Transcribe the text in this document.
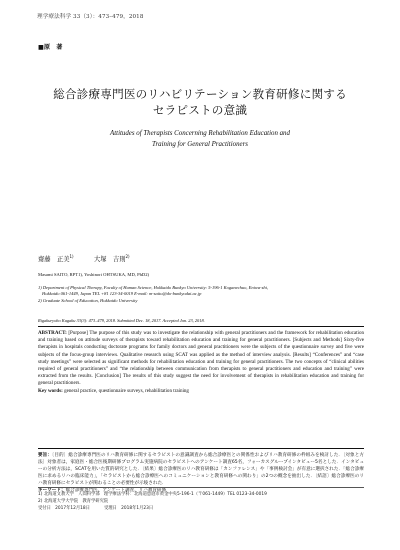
理学療法科学 33（3）：473–479，2018
■原　著
総合診療専門医のリハビリテーション教育研修に関する
セラピストの意識
Attitudes of Therapists Concerning Rehabilitation Education and
Training for General Practitioners
齋藤　正美$^{1)}$	大塚　吉則$^{2)}$
Masami SAITO, RPT1), Yoshinori OHTSUKA, MD, PhD2)
1) Department of Physical Therapy, Faculty of Human Science, Hokkaido Bunkyo University: 5-196-1 Koganechuo, Eniwa-shi,
Hokkaido 061-1449, Japan TEL +81 123-34-0019 E-mail: m-saito@do-bunkyodai.ac.jp
2) Graduate School of Education, Hokkaido University
Rigakuryoho Kagaku 33(3): 473–479, 2018. Submitted Dec. 18, 2017. Accepted Jan. 23, 2018.
ABSTRACT: [Purpose] The purpose of this study was to investigate the relationship with general practitioners and the framework for rehabilitation education and training based on attitude surveys of therapists toward rehabilitation education and training for general practitioners. [Subjects and Methods] Sixty-five therapists in hospitals conducting doctorate programs for family doctors and general practitioners were the subjects of the questionnaire survey and five were subjects of the focus-group interviews. Qualitative research using SCAT was applied as the method of interview analysis. [Results] “Conferences” and “case study meetings” were selected as significant methods for rehabilitation education and training for general practitioners. The two concepts of “clinical abilities required of general practitioners” and “the relationship between communication from therapists to general practitioners and education and training” were extracted from the results. [Conclusion] The results of this study suggest the need for involvement of therapists in rehabilitation education and training for general practitioners.
Key words: general practice, questionnaire surveys, rehabilitation training
要旨：〔目的〕総合診療専門医のリハ教育研修に関するセラピストの意識調査から総合診療医との関係性およびリハ教育研修の枠組みを検討した．〔対象と方法〕対象者は，家庭医・総合医後期研修プログラム実施病院のセラピストへのアンケート調査65名，フォーカスグループインタビュー5名とした．インタビューの分析方法は，SCATを用いた質的研究とした．〔結果〕総合診療医のリハ教育研修は「カンファレンス」や「事例検討会」が有意に選択された．「総合診療医に求めるリハの臨床能力」，「セラピストから総合診療医へのコミュニケーションと教育研修への関わり」の2つの概念を抽出した．〔結語〕総合診療医のリハ教育研修にセラピストが関わることの必要性が示唆された．
キーワード：総合診療専門医，アンケート調査，リハ教育研修
1) 北海道文教大学　人間科学部　理学療法学科：北海道恵庭市黄金中央5-196-1（〒061-1449）TEL 0123-34-0019
2) 北海道大学大学院　教育学研究院
受付日　2017年12月18日	受理日　2018年1月23日
